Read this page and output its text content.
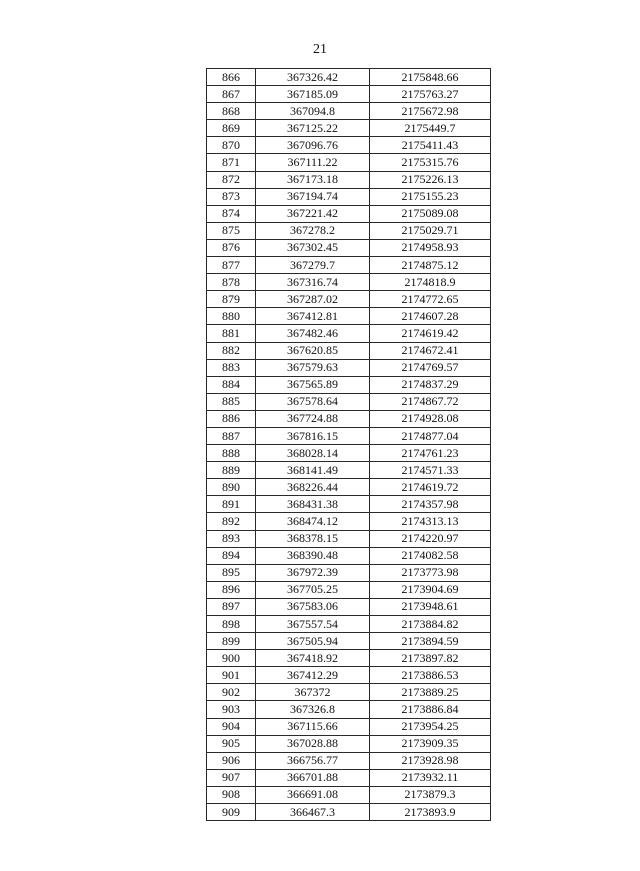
21
866	367326.42	2175848.66
867	367185.09	2175763.27
868	367094.8	2175672.98
869	367125.22	2175449.7
870	367096.76	2175411.43
871	367111.22	2175315.76
872	367173.18	2175226.13
873	367194.74	2175155.23
874	367221.42	2175089.08
875	367278.2	2175029.71
876	367302.45	2174958.93
877	367279.7	2174875.12
878	367316.74	2174818.9
879	367287.02	2174772.65
880	367412.81	2174607.28
881	367482.46	2174619.42
882	367620.85	2174672.41
883	367579.63	2174769.57
884	367565.89	2174837.29
885	367578.64	2174867.72
886	367724.88	2174928.08
887	367816.15	2174877.04
888	368028.14	2174761.23
889	368141.49	2174571.33
890	368226.44	2174619.72
891	368431.38	2174357.98
892	368474.12	2174313.13
893	368378.15	2174220.97
894	368390.48	2174082.58
895	367972.39	2173773.98
896	367705.25	2173904.69
897	367583.06	2173948.61
898	367557.54	2173884.82
899	367505.94	2173894.59
900	367418.92	2173897.82
901	367412.29	2173886.53
902	367372	2173889.25
903	367326.8	2173886.84
904	367115.66	2173954.25
905	367028.88	2173909.35
906	366756.77	2173928.98
907	366701.88	2173932.11
908	366691.08	2173879.3
909	366467.3	2173893.9
